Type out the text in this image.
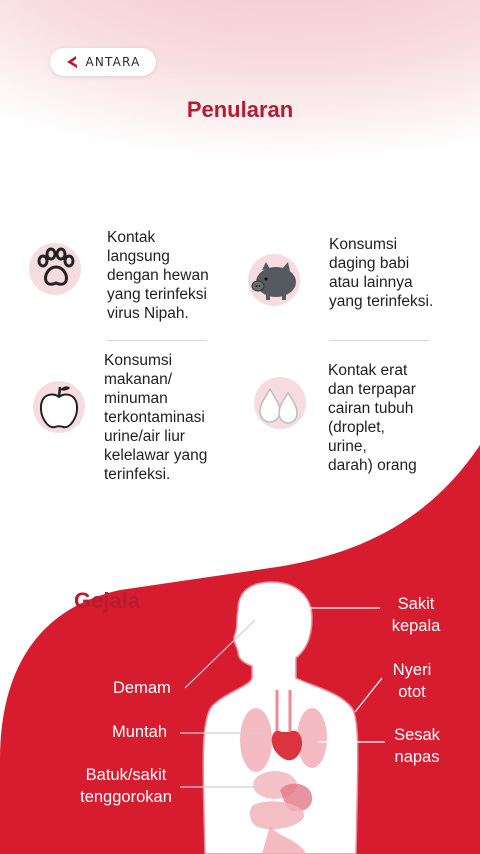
ANTARA
Penularan

Kontak
langsung
dengan hewan
yang terinfeksi
virus Nipah.

Konsumsi
daging babi
atau lainnya
yang terinfeksi.

Konsumsi
makanan/
minuman
terkontaminasi
urine/air liur
kelelawar yang
terinfeksi.

Kontak erat
dan terpapar
cairan tubuh
(droplet,
urine,
darah) orang

Gejala	Sakit
kepala

Nyeri
otot

Sesak
napas

Demam

Muntah

Batuk/sakit
tenggorokan
